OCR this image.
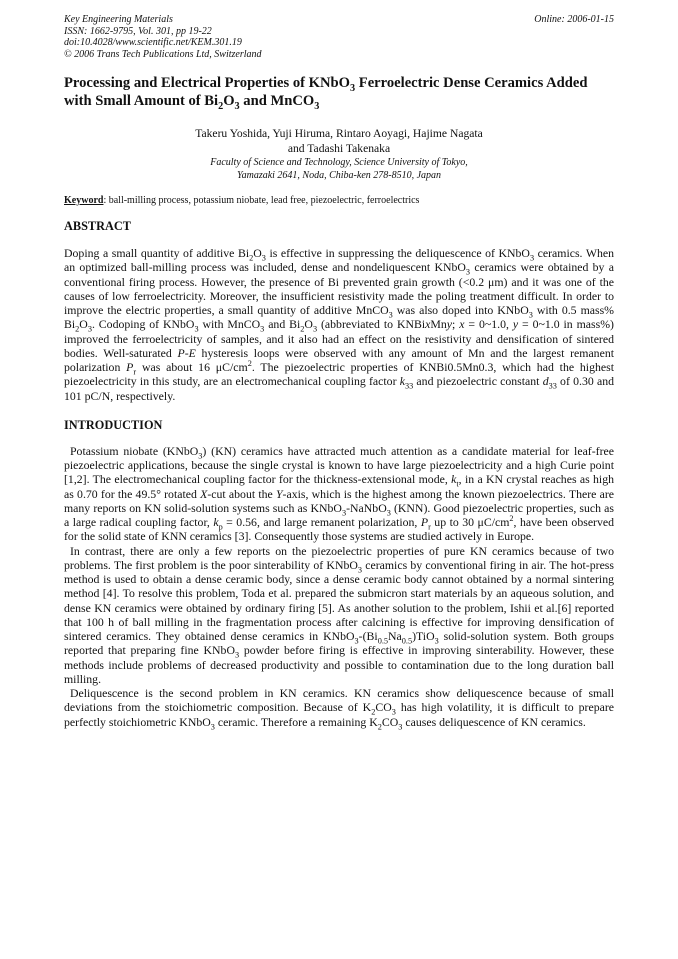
Key Engineering Materials
ISSN: 1662-9795, Vol. 301, pp 19-22
doi:10.4028/www.scientific.net/KEM.301.19
© 2006 Trans Tech Publications Ltd, Switzerland
Online: 2006-01-15
Processing and Electrical Properties of KNbO$_3$ Ferroelectric Dense Ceramics Added with Small Amount of $Bi_2O_3$ and MnCO$_3$
Takeru Yoshida, Yuji Hiruma, Rintaro Aoyagi, Hajime Nagata
and Tadashi Takenaka
Faculty of Science and Technology, Science University of Tokyo,
Yamazaki 2641, Noda, Chiba-ken 278-8510, Japan
Keyword: ball-milling process, potassium niobate, lead free, piezoelectric, ferroelectrics
ABSTRACT

Doping a small quantity of additive $Bi_2O_3$ is effective in suppressing the deliquescence of KNbO$_3$ ceramics. When an optimized ball-milling process was included, dense and nondeliquescent KNbO$_3$ ceramics were obtained by a conventional firing process. However, the presence of Bi prevented grain growth (<0.2 μm) and it was one of the causes of low ferroelectricity. Moreover, the insufficient resistivity made the poling treatment difficult. In order to improve the electric properties, a small quantity of additive MnCO$_3$ was also doped into KNbO$_3$ with 0.5 mass% $Bi_2O_3$. Codoping of KNbO$_3$ with MnCO$_3$ and $Bi_2O_3$ (abbreviated to KNBixMny; x = 0~1.0, y = 0~1.0 in mass%) improved the ferroelectricity of samples, and it also had an effect on the resistivity and densification of sintered bodies. Well-saturated P-E hysteresis loops were observed with any amount of Mn and the largest remanent polarization $P_r$ was about 16 $\mu C/cm^2$. The piezoelectric properties of KNBi0.5Mn0.3, which had the highest piezoelectricity in this study, are an electromechanical coupling factor $k_{33}$ and piezoelectric constant $d_{33}$ of 0.30 and 101 pC/N, respectively.

INTRODUCTION

Potassium niobate (KNbO$_3$) (KN) ceramics have attracted much attention as a candidate material for leaf-free piezoelectric applications, because the single crystal is known to have large piezoelectricity and a high Curie point [1,2]. The electromechanical coupling factor for the thickness-extensional mode, $k_t$, in a KN crystal reaches as high as 0.70 for the 49.5° rotated X-cut about the Y-axis, which is the highest among the known piezoelectrics. There are many reports on KN solid-solution systems such as KNbO$_3$-NaNbO$_3$ (KNN). Good piezoelectric properties, such as a large radical coupling factor, $k_p = 0.56$, and large remanent polarization, $P_r$ up to 30 $\mu C/cm^2$, have been observed for the solid state of KNN ceramics [3]. Consequently those systems are studied actively in Europe.

In contrast, there are only a few reports on the piezoelectric properties of pure KN ceramics because of two problems. The first problem is the poor sinterability of KNbO$_3$ ceramics by conventional firing in air. The hot-press method is used to obtain a dense ceramic body, since a dense ceramic body cannot obtained by a normal sintering method [4]. To resolve this problem, Toda et al. prepared the submicron start materials by an aqueous solution, and dense KN ceramics were obtained by ordinary firing [5]. As another solution to the problem, Ishii et al.[6] reported that 100 h of ball milling in the fragmentation process after calcining is effective for improving densification of sintered ceramics. They obtained dense ceramics in $KNbO_3-(Bi_{0.5}Na_{0.5})TiO_3$ solid-solution system. Both groups reported that preparing fine KNbO$_3$ powder before firing is effective in improving sinterability. However, these methods include problems of decreased productivity and possible to contamination due to the long duration ball milling.

Deliquescence is the second problem in KN ceramics. KN ceramics show deliquescence because of small deviations from the stoichiometric composition. Because of $K_2CO_3$ has high volatility, it is difficult to prepare perfectly stoichiometric KNbO$_3$ ceramic. Therefore a remaining $K_2CO_3$ causes deliquescence of KN ceramics.
